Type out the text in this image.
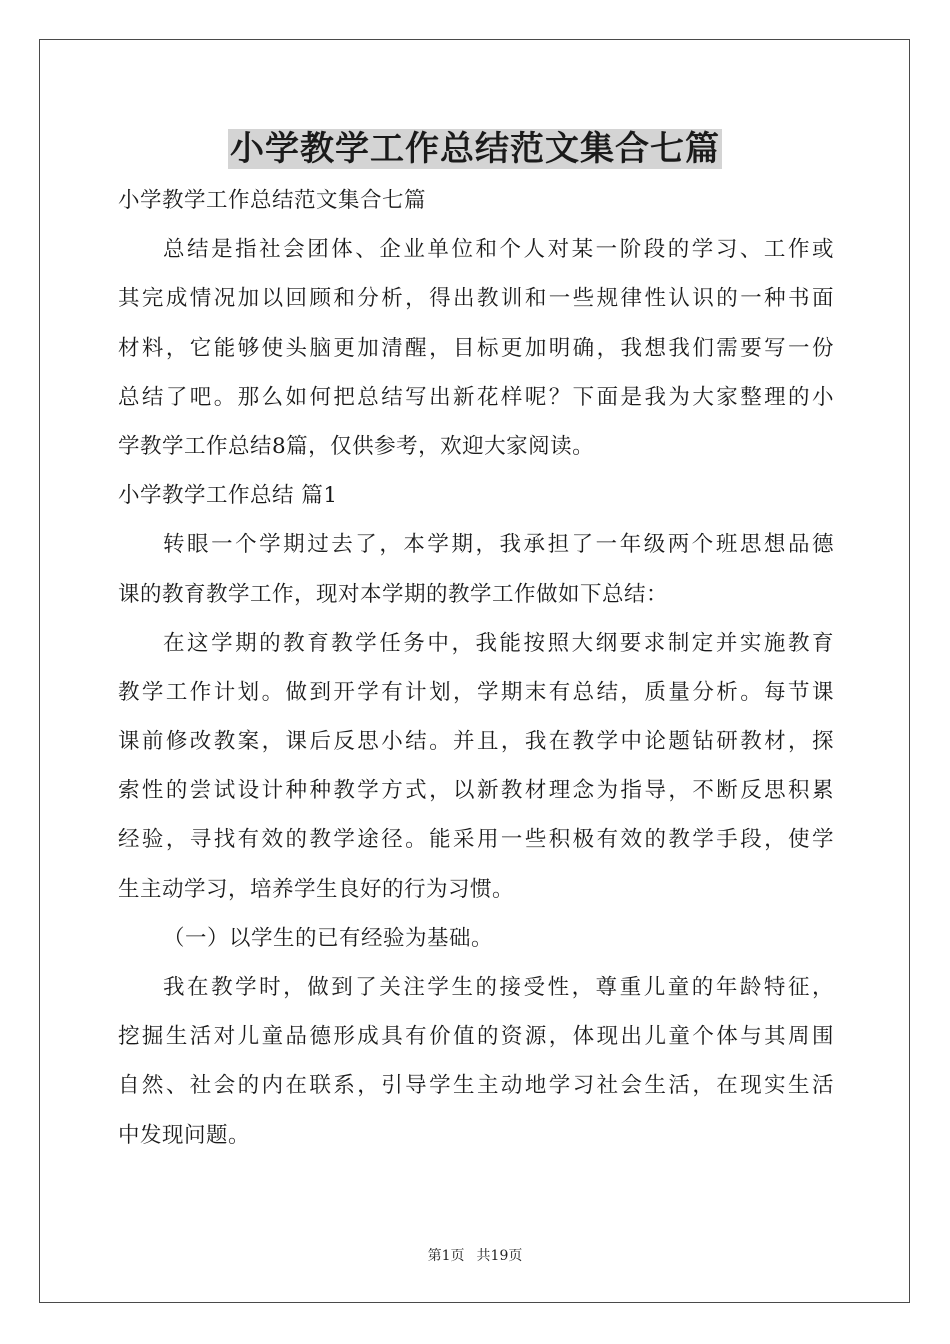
小学教学工作总结范文集合七篇
小学教学工作总结范文集合七篇
总结是指社会团体、企业单位和个人对某一阶段的学习、工作或
其完成情况加以回顾和分析，得出教训和一些规律性认识的一种书面
材料，它能够使头脑更加清醒，目标更加明确，我想我们需要写一份
总结了吧。那么如何把总结写出新花样呢？下面是我为大家整理的小
学教学工作总结8篇，仅供参考，欢迎大家阅读。
小学教学工作总结 篇1
转眼一个学期过去了，本学期，我承担了一年级两个班思想品德
课的教育教学工作，现对本学期的教学工作做如下总结：
在这学期的教育教学任务中，我能按照大纲要求制定并实施教育
教学工作计划。做到开学有计划，学期末有总结，质量分析。每节课
课前修改教案，课后反思小结。并且，我在教学中论题钻研教材，探
索性的尝试设计种种教学方式，以新教材理念为指导，不断反思积累
经验，寻找有效的教学途径。能采用一些积极有效的教学手段，使学
生主动学习，培养学生良好的行为习惯。
（一）以学生的已有经验为基础。
我在教学时，做到了关注学生的接受性，尊重儿童的年龄特征，
挖掘生活对儿童品德形成具有价值的资源，体现出儿童个体与其周围
自然、社会的内在联系，引导学生主动地学习社会生活，在现实生活
中发现问题。
第1页 共19页
